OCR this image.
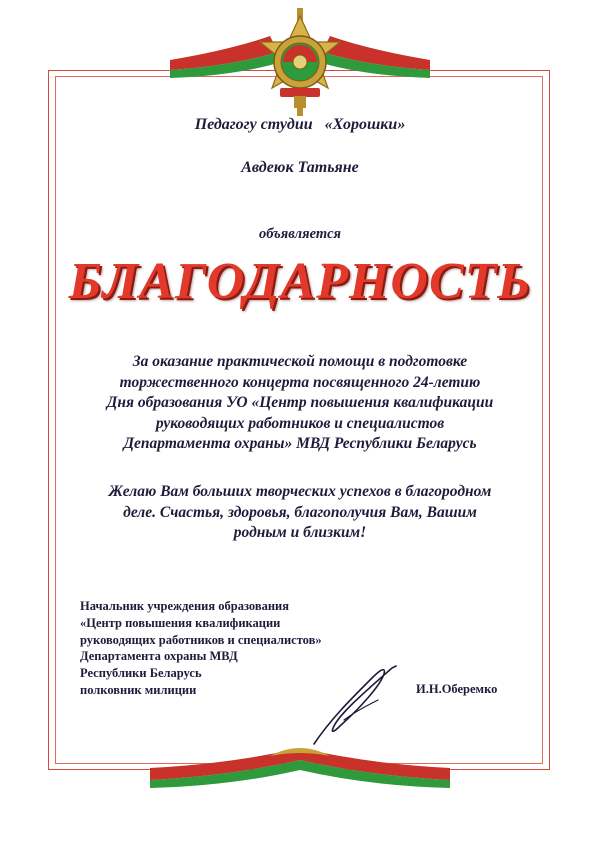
Педагогу студии «Хорошки»
Авдеюк Татьяне
объявляется
БЛАГОДАРНОСТЬ
За оказание практической помощи в подготовке
торжественного концерта посвященного 24-летию
Дня образования УО «Центр повышения квалификации
руководящих работников и специалистов
Департамента охраны» МВД Республики Беларусь
Желаю Вам больших творческих успехов в благородном
деле. Счастья, здоровья, благополучия Вам, Вашим
родным и близким!
Начальник учреждения образования
«Центр повышения квалификации
руководящих работников и специалистов»
Департамента охраны МВД
Республики Беларусь
полковник милиции	И.Н.Оберемко
